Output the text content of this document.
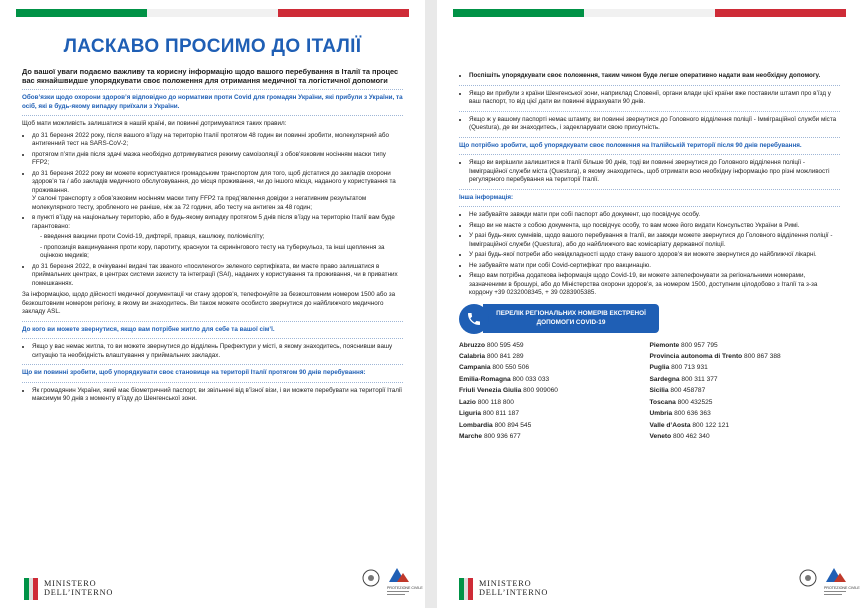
ЛАСКАВО ПРОСИМО ДО ІТАЛІЇ
До вашої уваги подаємо важливу та корисну інформацію щодо вашого перебування в Італії та процес вас якнайшвидше упорядкувати своє положення для отримання медичної та логістичної допомоги

Обов’язки щодо охорони здоров’я відповідно до нормативи проти Covid для громадян України, які прибули з України, та осіб, які в будь-якому випадку приїхали з України.

Щоб мати можливість залишатися в нашій країні, ви повинні дотримуватися таких правил:

• до 31 березня 2022 року, після вашого в’їзду на територію Італії протягом 48 годин ви повинні зробити, молекулярний або антигенний тест на SARS-CoV-2;
• протягом п’яти днів після здачі мазка необхідно дотримуватися режиму самоізоляції з обов’язковим носінням маски типу FFP2;
• до 31 березня 2022 року ви можете користуватися громадським транспортом для того, щоб дістатися до закладів охорони здоров’я та / або закладів медичного обслуговування, до місця проживання, чи до іншого місця, наданого у користування та проживання.
У салоні транспорту з обов’язковим носінням маски типу FFP2 та пред’явлення довідки з негативним результатом молекулярного тесту, зробленого не раніше, ніж за 72 години, або тесту на антиген за 48 годин;
• в пункті в’їзду на національну територію, або в будь-якому випадку протягом 5 днів після в’їзду на територію Італії вам буде гарантовано:
- введення вакцини проти Covid-19, дифтерії, правця, кашлюку, поліомієліту;
- пропозиція вакцинування проти кору, паротиту, краснухи та скринінгового тесту на туберкульоз, та інші щеплення за оцінкою медиків;
• до 31 березня 2022, в очікуванні видачі так званого «посиленого» зеленого сертифіката, ви маєте право залишатися в приймальних центрах, в центрах системи захисту та інтеграції (SAI), наданих у користування та проживання, чи в приватних помешканнях.

За інформацією, щодо дійсності медичної документації чи стану здоров’я, телефонуйте за безкоштовним номером 1500 або за безкоштовним номером регіону, в якому ви знаходитесь. Ви також можете особисто звернутися до найближчого медичного закладу ASL.

До кого ви можете звернутися, якщо вам потрібне житло для себе та вашої сім’ї.

• Якщо у вас немає житла, то ви можете звернутися до відділень Префектури у місті, в якому знаходитесь, пояснивши вашу ситуацію та необхідність влаштування у приймальних закладах.

Що ви повинні зробити, щоб упорядкувати своє становище на території Італії протягом 90 днів перебування:

• Як громадянин України, який має біометричний паспорт, ви звільнені від в’їзної візи, і ви можете перебувати на території Італії максимум 90 днів з моменту в’їзду до Шенгенської зони.
MINISTERO
DELL’INTERNO	PROTEZIONE CIVILE
• Поспішіть упорядкувати своє положення, таким чином буде легше оперативно надати вам необхідну допомогу.
• Якщо ви прибули з країни Шенгенської зони, наприклад Словенії, органи влади цієї країни вже поставили штамп про в’їзд у ваш паспорт, то від цієї дати ви повинні відрахувати 90 днів.
• Якщо ж у вашому паспорті немає штампу, ви повинні звернутися до Головного відділення поліції - Імміграційної служби міста (Questura), де ви знаходитесь, і задекларувати свою присутність.

Що потрібно зробити, щоб упорядкувати своє положення на Італійській території після 90 днів перебування.

• Якщо ви вирішили залишитися в Італії більше 90 днів, тоді ви повинні звернутися до Головного відділення поліції - Імміграційної служби міста (Questura), в якому знаходитесь, щоб отримати всю необхідну інформацію про різні можливості регулярного перебування на території Італії.

Інша інформація:

• Не забувайте завжди мати при собі паспорт або документ, що посвідчує особу.
• Якщо ви не маєте з собою документа, що посвідчує особу, то вам може його видати Консульство України в Римі.
• У разі будь-яких сумнівів, щодо вашого перебування в Італії, ви завжди можете звернутися до Головного відділення поліції - Імміграційної служби (Questura), або до найближчого вас комісаріату державної поліції.
• У разі будь-якої потреби або невідкладності щодо стану вашого здоров’я ви можете звернутися до найближчої лікарні.
• Не забувайте мати при собі Covid-сертифікат про вакцинацію.
• Якщо вам потрібна додаткова інформація щодо Covid-19, ви можете зателефонувати за регіональними номерами, зазначеними в брошурі, або до Міністерства охорони здоров’я, за номером 1500, доступним цілодобово з Італії та з-за кордону +39 0232008345, + 39 0283905385.
ПЕРЕЛІК РЕГІОНАЛЬНИХ НОМЕРІВ ЕКСТРЕНОЇ ДОПОМОГИ COVID-19
Abruzzo 800 595 459
Calabria 800 841 289
Campania 800 550 506
Emilia-Romagna 800 033 033
Friuli Venezia Giulia 800 909060
Lazio 800 118 800
Liguria 800 811 187
Lombardia 800 894 545
Marche 800 936 677
Piemonte 800 957 795
Provincia autonoma di Trento 800 867 388
Puglia 800 713 931
Sardegna 800 311 377
Sicilia 800 458787
Toscana 800 432525
Umbria 800 636 363
Valle d’Aosta 800 122 121
Veneto 800 462 340
MINISTERO
DELL’INTERNO	PROTEZIONE CIVILE
